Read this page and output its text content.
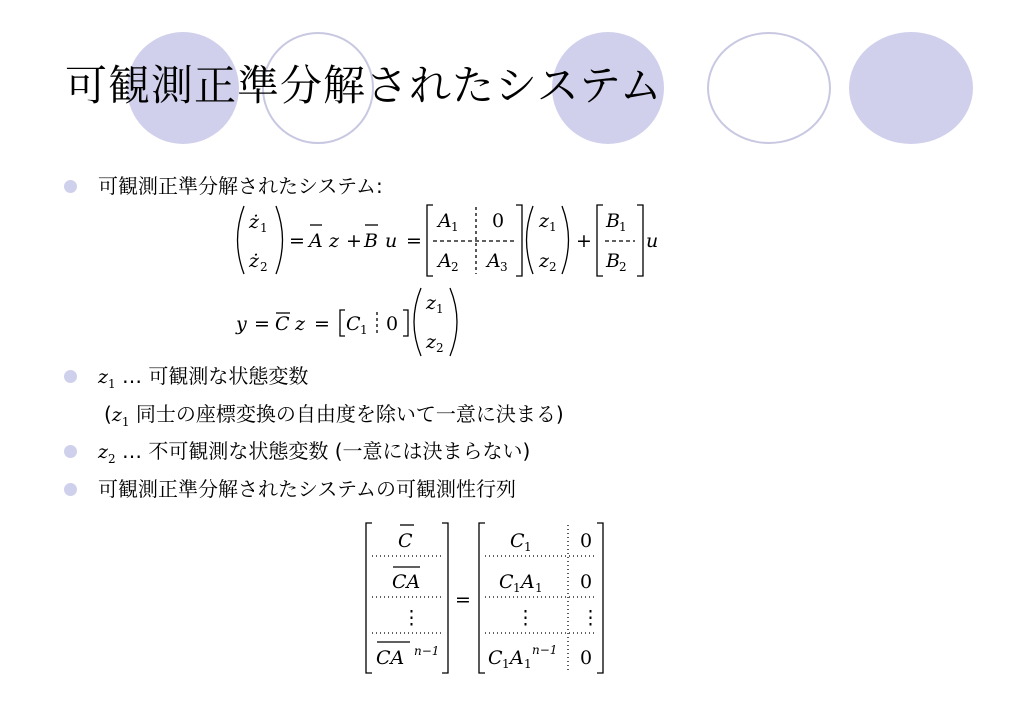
可観測正準分解されたシステム
可観測正準分解されたシステム:
$z_1$ … 可観測な状態変数
($z_1$ 同士の座標変換の自由度を除いて一意に決まる)
$z_2$ … 不可観測な状態変数 (一意には決まらない)
可観測正準分解されたシステムの可観測性行列
ż 1
ż 2
= A z + B u =
A 1 0
A 2 A 3
z 1
z 2
+
B 1
B 2
u
y = C z = C 1 0
z 1
z 2
C
CA
⋮
CA n−1
=
C 1
C 1 A 1
⋮
C 1 A 1
n−1
0
0
⋮
0
